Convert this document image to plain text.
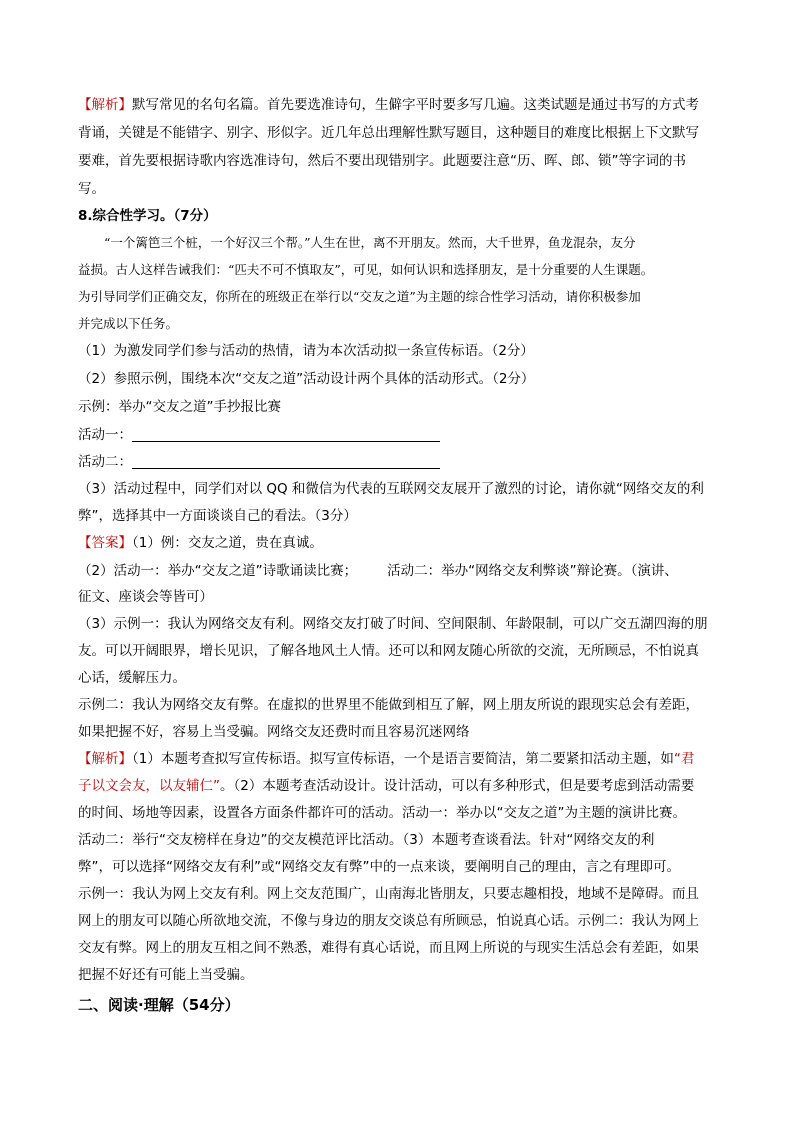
【解析】默写常见的名句名篇。首先要选准诗句，生僻字平时要多写几遍。这类试题是通过书写的方式考
背诵，关键是不能错字、别字、形似字。近几年总出理解性默写题目，这种题目的难度比根据上下文默写
要难，首先要根据诗歌内容选准诗句，然后不要出现错别字。此题要注意“历、晖、郎、锁”等字词的书
写。
8.综合性学习。（7分）
“一个篱笆三个桩，一个好汉三个帮。”人生在世，离不开朋友。然而，大千世界，鱼龙混杂，友分
益损。古人这样告诫我们：“匹夫不可不慎取友”，可见，如何认识和选择朋友，是十分重要的人生课题。
为引导同学们正确交友，你所在的班级正在举行以“交友之道”为主题的综合性学习活动，请你积极参加
并完成以下任务。
（1）为激发同学们参与活动的热情，请为本次活动拟一条宣传标语。（2分）
（2）参照示例，围绕本次“交友之道”活动设计两个具体的活动形式。（2分）
示例：举办“交友之道”手抄报比赛
活动一：
活动二：
（3）活动过程中，同学们对以 QQ 和微信为代表的互联网交友展开了激烈的讨论，请你就“网络交友的利
弊”，选择其中一方面谈谈自己的看法。（3分）
【答案】（1）例：交友之道，贵在真诚。
（2）活动一：举办“交友之道”诗歌诵读比赛； 活动二：举办“网络交友利弊谈”辩论赛。（演讲、
征文、座谈会等皆可）
（3）示例一：我认为网络交友有利。网络交友打破了时间、空间限制、年龄限制，可以广交五湖四海的朋
友。可以开阔眼界，增长见识，了解各地风土人情。还可以和网友随心所欲的交流，无所顾忌，不怕说真
心话，缓解压力。
示例二：我认为网络交友有弊。在虚拟的世界里不能做到相互了解，网上朋友所说的跟现实总会有差距，
如果把握不好，容易上当受骗。网络交友还费时而且容易沉迷网络
【解析】（1）本题考查拟写宣传标语。拟写宣传标语，一个是语言要简洁，第二要紧扣活动主题，如“君
子以文会友，以友辅仁”。（2）本题考查活动设计。设计活动，可以有多种形式，但是要考虑到活动需要
的时间、场地等因素，设置各方面条件都许可的活动。活动一：举办以“交友之道”为主题的演讲比赛。
活动二：举行“交友榜样在身边”的交友模范评比活动。（3）本题考查谈看法。针对“网络交友的利
弊”，可以选择“网络交友有利”或“网络交友有弊”中的一点来谈，要阐明自己的理由，言之有理即可。
示例一：我认为网上交友有利。网上交友范围广，山南海北皆朋友，只要志趣相投，地域不是障碍。而且
网上的朋友可以随心所欲地交流，不像与身边的朋友交谈总有所顾忌，怕说真心话。示例二：我认为网上
交友有弊。网上的朋友互相之间不熟悉，难得有真心话说，而且网上所说的与现实生活总会有差距，如果
把握不好还有可能上当受骗。
二、阅读·理解（54分）
